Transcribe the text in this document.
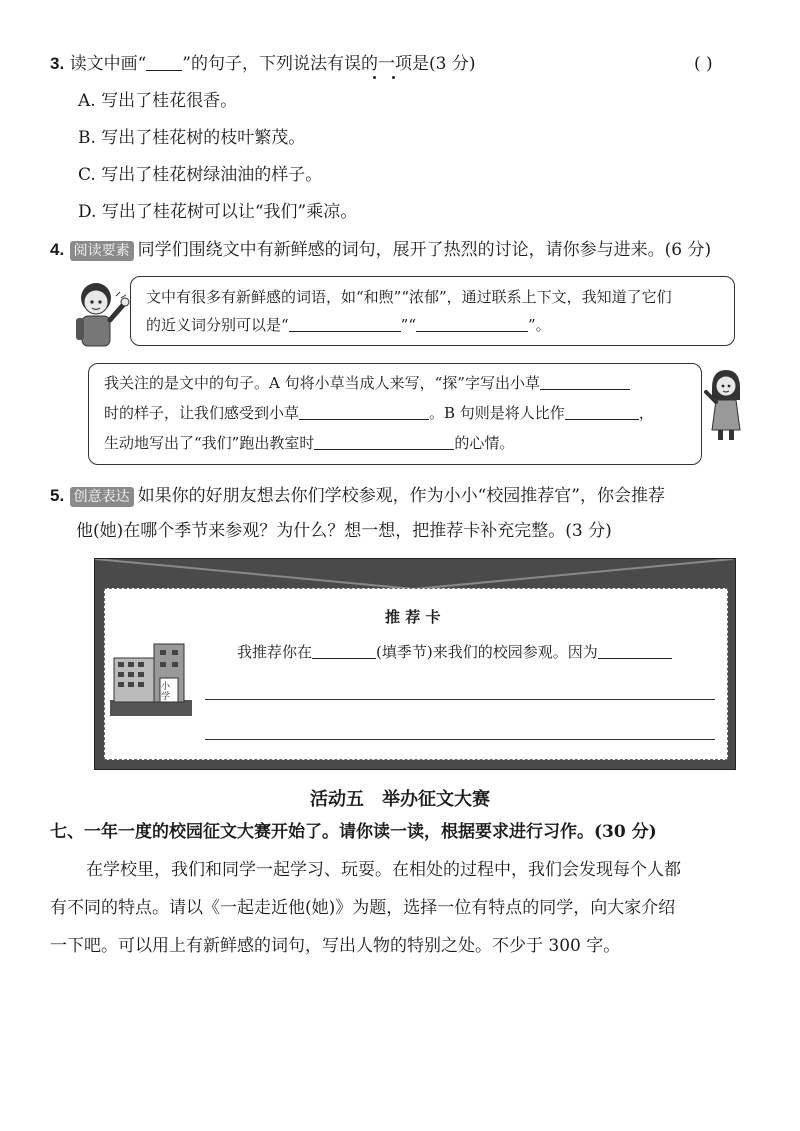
3. 读文中画“ ”的句子，下列说法有误的一项是(3 分)	( )
A. 写出了桂花很香。
B. 写出了桂花树的枝叶繁茂。
C. 写出了桂花树绿油油的样子。
D. 写出了桂花树可以让“我们”乘凉。
4. 阅读要素 同学们围绕文中有新鲜感的词句，展开了热烈的讨论，请你参与进来。(6 分)
文中有很多有新鲜感的词语，如“和煦”“浓郁”，通过联系上下文，我知道了它们
的近义词分别可以是“	”“	”。
我关注的是文中的句子。A 句将小草当成人来写，“探”字写出小草
时的样子，让我们感受到小草	。B 句则是将人比作	，
生动地写出了“我们”跑出教室时	的心情。
5. 创意表达 如果你的好朋友想去你们学校参观，作为小小“校园推荐官”，你会推荐
他(她)在哪个季节来参观？为什么？想一想，把推荐卡补充完整。(3 分)
小学
推 荐 卡
我推荐你在	(填季节)来我们的校园参观。因为
活动五　举办征文大赛
七、一年一度的校园征文大赛开始了。请你读一读，根据要求进行习作。(30 分)
在学校里，我们和同学一起学习、玩耍。在相处的过程中，我们会发现每个人都
有不同的特点。请以《一起走近他(她)》为题，选择一位有特点的同学，向大家介绍
一下吧。可以用上有新鲜感的词句，写出人物的特别之处。不少于 300 字。
